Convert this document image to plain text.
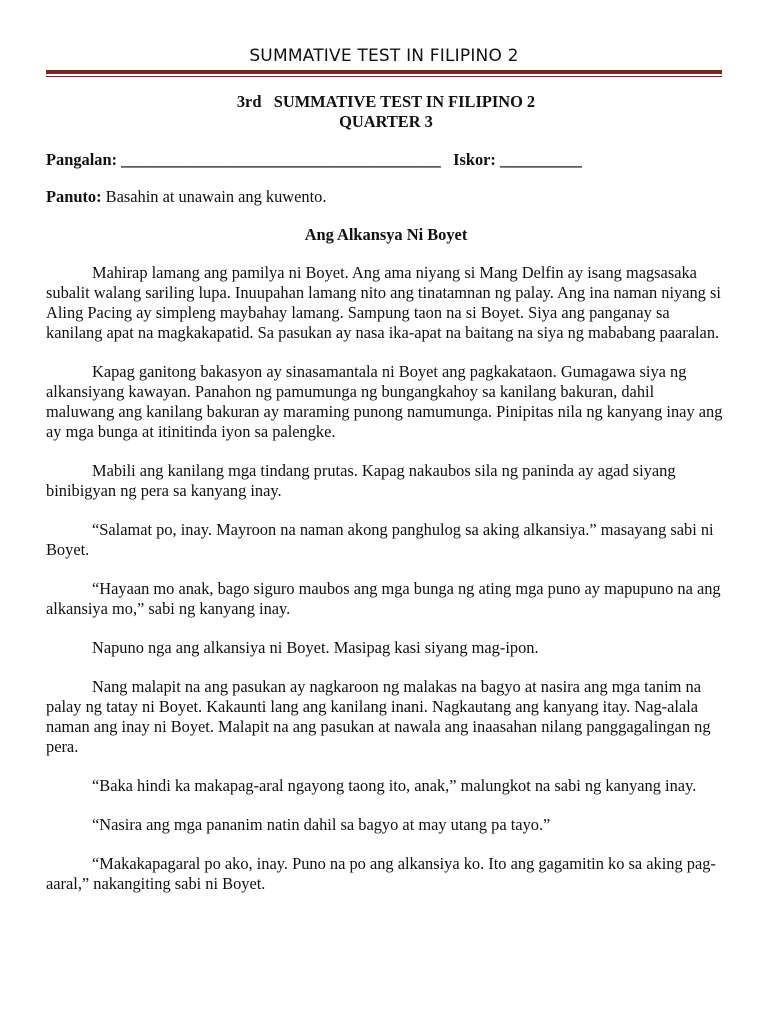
SUMMATIVE TEST IN FILIPINO 2
3rd   SUMMATIVE TEST IN FILIPINO 2
QUARTER 3
Pangalan: _______________________________________ Iskor: __________
Panuto: Basahin at unawain ang kuwento.
Ang Alkansya Ni Boyet

Mahirap lamang ang pamilya ni Boyet. Ang ama niyang si Mang Delfin ay isang magsasaka subalit walang sariling lupa. Inuupahan lamang nito ang tinatamnan ng palay. Ang ina naman niyang si Aling Pacing ay simpleng maybahay lamang. Sampung taon na si Boyet. Siya ang panganay sa kanilang apat na magkakapatid. Sa pasukan ay nasa ika-apat na baitang na siya ng mababang paaralan.

Kapag ganitong bakasyon ay sinasamantala ni Boyet ang pagkakataon. Gumagawa siya ng alkansiyang kawayan. Panahon ng pamumunga ng bungangkahoy sa kanilang bakuran, dahil maluwang ang kanilang bakuran ay maraming punong namumunga. Pinipitas nila ng kanyang inay ang ay mga bunga at itinitinda iyon sa palengke.

Mabili ang kanilang mga tindang prutas. Kapag nakaubos sila ng paninda ay agad siyang binibigyan ng pera sa kanyang inay.

“Salamat po, inay. Mayroon na naman akong panghulog sa aking alkansiya.” masayang sabi ni Boyet.

“Hayaan mo anak, bago siguro maubos ang mga bunga ng ating mga puno ay mapupuno na ang alkansiya mo,” sabi ng kanyang inay.

Napuno nga ang alkansiya ni Boyet. Masipag kasi siyang mag-ipon.

Nang malapit na ang pasukan ay nagkaroon ng malakas na bagyo at nasira ang mga tanim na palay ng tatay ni Boyet. Kakaunti lang ang kanilang inani. Nagkautang ang kanyang itay. Nag-alala naman ang inay ni Boyet. Malapit na ang pasukan at nawala ang inaasahan nilang panggagalingan ng pera.

“Baka hindi ka makapag-aral ngayong taong ito, anak,” malungkot na sabi ng kanyang inay.

“Nasira ang mga pananim natin dahil sa bagyo at may utang pa tayo.”

“Makakapagaral po ako, inay. Puno na po ang alkansiya ko. Ito ang gagamitin ko sa aking pag-aaral,” nakangiting sabi ni Boyet.
